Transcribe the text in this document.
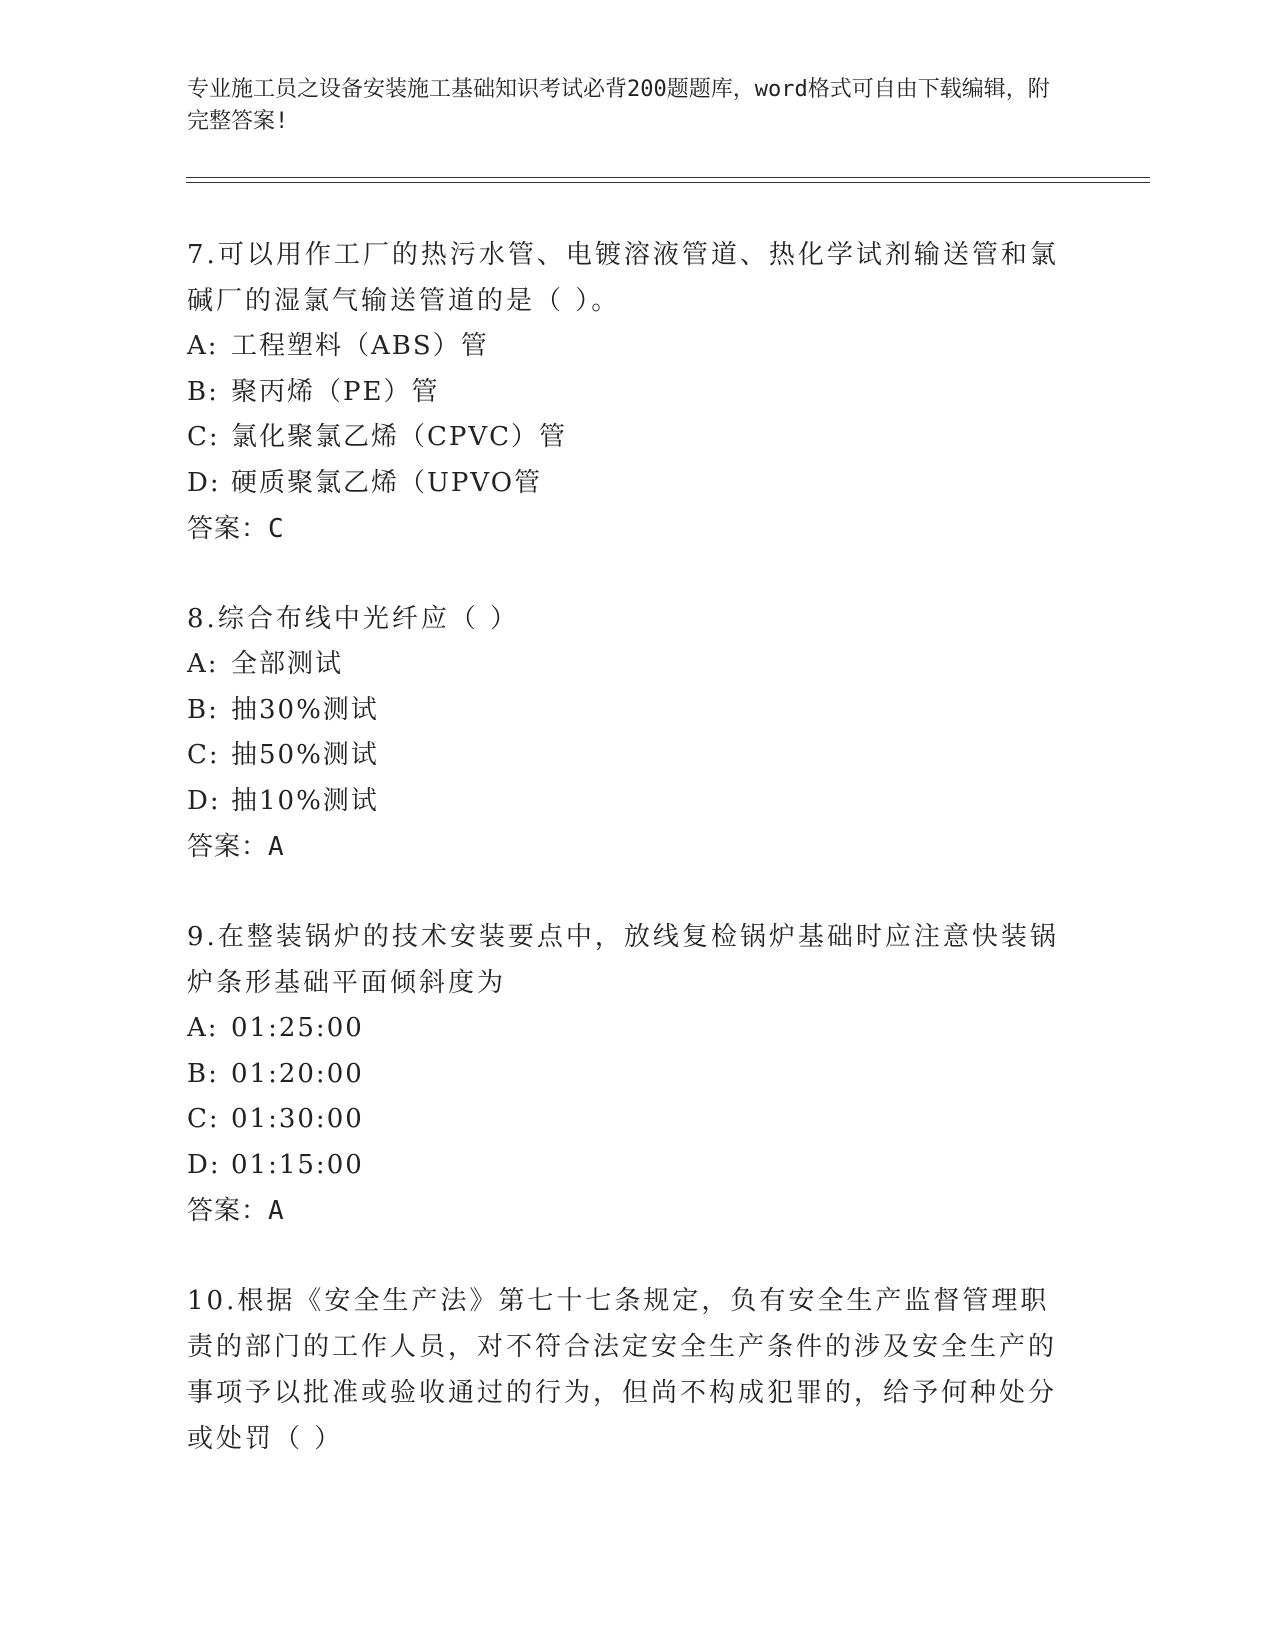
专业施工员之设备安装施工基础知识考试必背200题题库，word格式可自由下载编辑，附完整答案!

7.可以用作工厂的热污水管、电镀溶液管道、热化学试剂输送管和氯碱厂的湿氯气输送管道的是（ ）。

A: 工程塑料（ABS）管

B: 聚丙烯（PE）管

C: 氯化聚氯乙烯（CPVC）管

D: 硬质聚氯乙烯（UPVO管

答案：C

8.综合布线中光纤应（ ）

A: 全部测试

B: 抽30%测试

C: 抽50%测试

D: 抽10%测试

答案：A

9.在整装锅炉的技术安装要点中，放线复检锅炉基础时应注意快装锅炉条形基础平面倾斜度为

A: 01:25:00

B: 01:20:00

C: 01:30:00

D: 01:15:00

答案：A

10.根据《安全生产法》第七十七条规定，负有安全生产监督管理职责的部门的工作人员，对不符合法定安全生产条件的涉及安全生产的事项予以批准或验收通过的行为，但尚不构成犯罪的，给予何种处分或处罚（ ）
